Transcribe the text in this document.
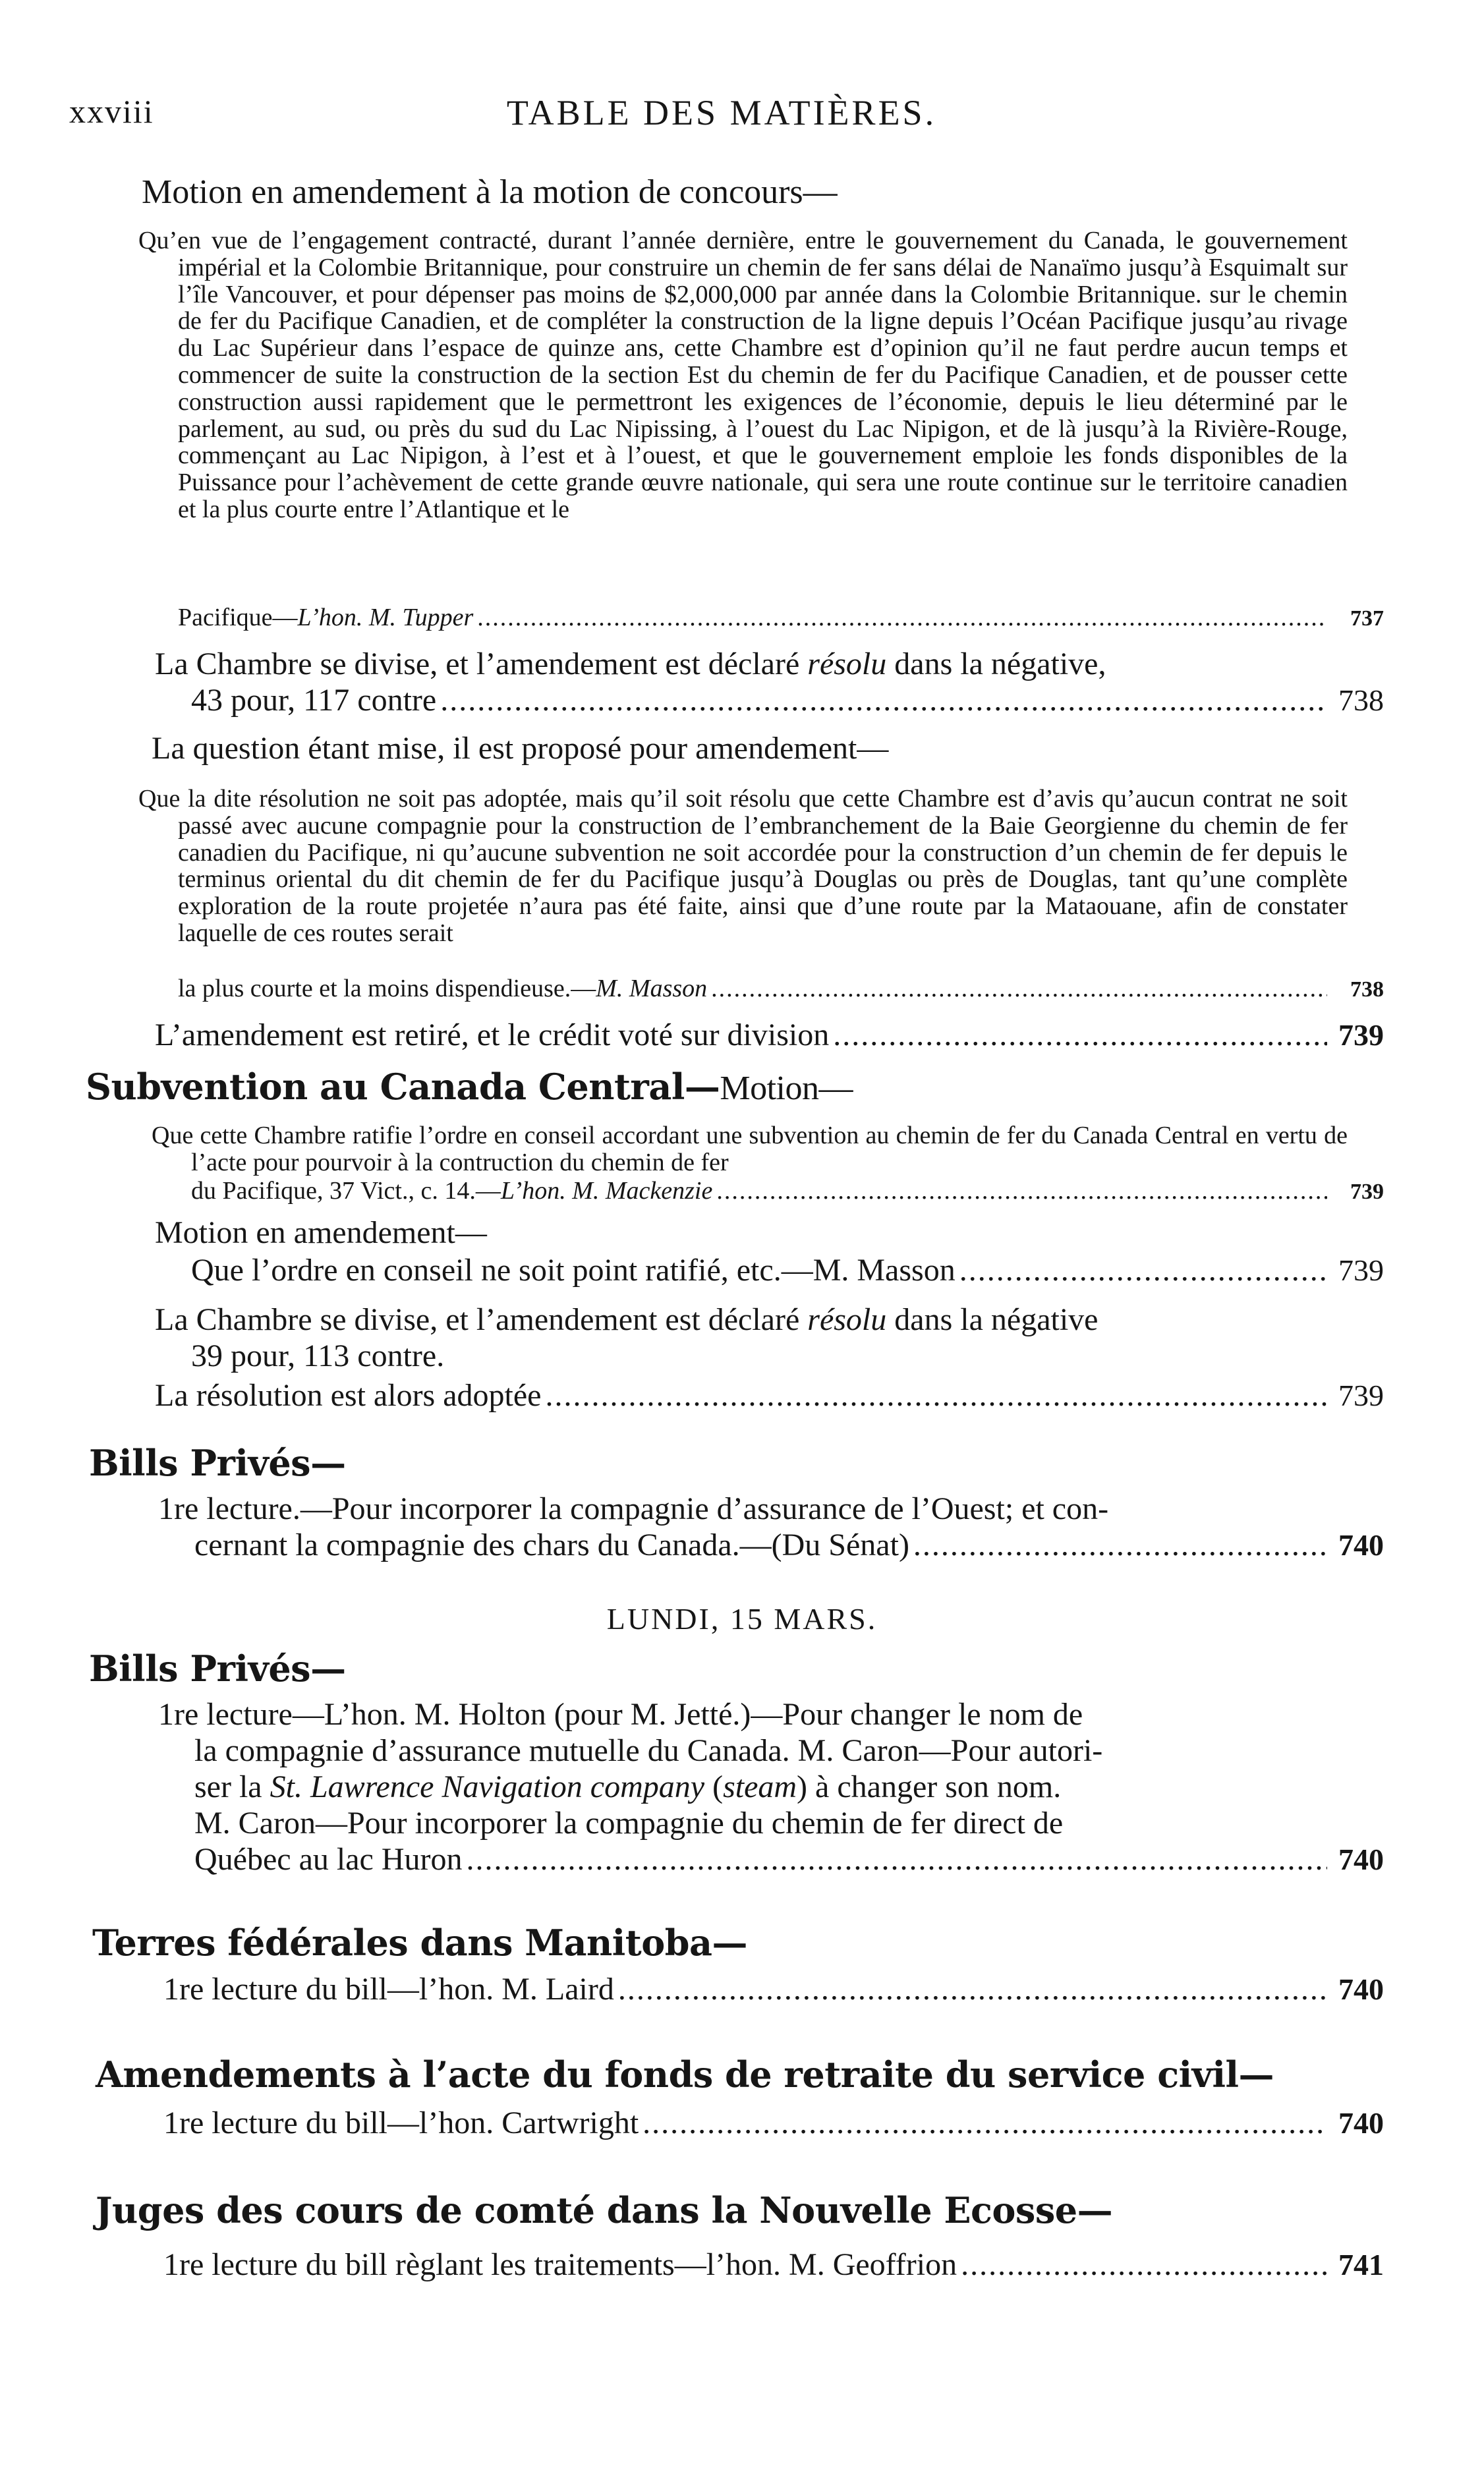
xxviii	TABLE DES MATIÈRES.
Motion en amendement à la motion de concours—
Qu’en vue de l’engagement contracté, durant l’année dernière, entre le gouvernement du Canada, le gouvernement impérial et la Colombie Britannique, pour construire un chemin de fer sans délai de Nanaïmo jusqu’à Esquimalt sur l’île Vancouver, et pour dépenser pas moins de $2,000,000 par année dans la Colombie Britannique. sur le chemin de fer du Pacifique Canadien, et de compléter la construction de la ligne depuis l’Océan Pacifique jusqu’au rivage du Lac Supérieur dans l’espace de quinze ans, cette Chambre est d’opinion qu’il ne faut perdre aucun temps et commencer de suite la construction de la section Est du chemin de fer du Pacifique Canadien, et de pousser cette construction aussi rapidement que le permettront les exigences de l’économie, depuis le lieu déterminé par le parlement, au sud, ou près du sud du Lac Nipissing, à l’ouest du Lac Nipigon, et de là jusqu’à la Rivière-Rouge, commençant au Lac Nipigon, à l’est et à l’ouest, et que le gouvernement emploie les fonds disponibles de la Puissance pour l’achèvement de cette grande œuvre nationale, qui sera une route continue sur le territoire canadien et la plus courte entre l’Atlantique et le
Pacifique—L’hon. M. Tupper .....	737
La Chambre se divise, et l’amendement est déclaré résolu dans la négative,
43 pour, 117 contre .....	738
La question étant mise, il est proposé pour amendement—
Que la dite résolution ne soit pas adoptée, mais qu’il soit résolu que cette Chambre est d’avis qu’aucun contrat ne soit passé avec aucune compagnie pour la construction de l’embranchement de la Baie Georgienne du chemin de fer canadien du Pacifique, ni qu’aucune subvention ne soit accordée pour la construction d’un chemin de fer depuis le terminus oriental du dit chemin de fer du Pacifique jusqu’à Douglas ou près de Douglas, tant qu’une complète exploration de la route projetée n’aura pas été faite, ainsi que d’une route par la Mataouane, afin de constater laquelle de ces routes serait
la plus courte et la moins dispendieuse.—M. Masson .....	738
L’amendement est retiré, et le crédit voté sur division .....	739
Subvention au Canada Central—Motion—
Que cette Chambre ratifie l’ordre en conseil accordant une subvention au chemin de fer du Canada Central en vertu de l’acte pour pourvoir à la contruction du chemin de fer
du Pacifique, 37 Vict., c. 14.—L’hon. M. Mackenzie .....	739
Motion en amendement—
Que l’ordre en conseil ne soit point ratifié, etc.—M. Masson .....	739
La Chambre se divise, et l’amendement est déclaré résolu dans la négative
39 pour, 113 contre.
La résolution est alors adoptée .....	739
Bills Privés—
1re lecture.—Pour incorporer la compagnie d’assurance de l’Ouest; et con-
cernant la compagnie des chars du Canada.—(Du Sénat) .....	740
LUNDI, 15 MARS.
Bills Privés—
1re lecture—L’hon. M. Holton (pour M. Jetté.)—Pour changer le nom de
la compagnie d’assurance mutuelle du Canada. M. Caron—Pour autori-
ser la St. Lawrence Navigation company (steam) à changer son nom.
M. Caron—Pour incorporer la compagnie du chemin de fer direct de
Québec au lac Huron .....	740
Terres fédérales dans Manitoba—
1re lecture du bill—l’hon. M. Laird .....	740
Amendements à l’acte du fonds de retraite du service civil—
1re lecture du bill—l’hon. Cartwright .....	740
Juges des cours de comté dans la Nouvelle Ecosse—
1re lecture du bill règlant les traitements—l’hon. M. Geoffrion .....	741
